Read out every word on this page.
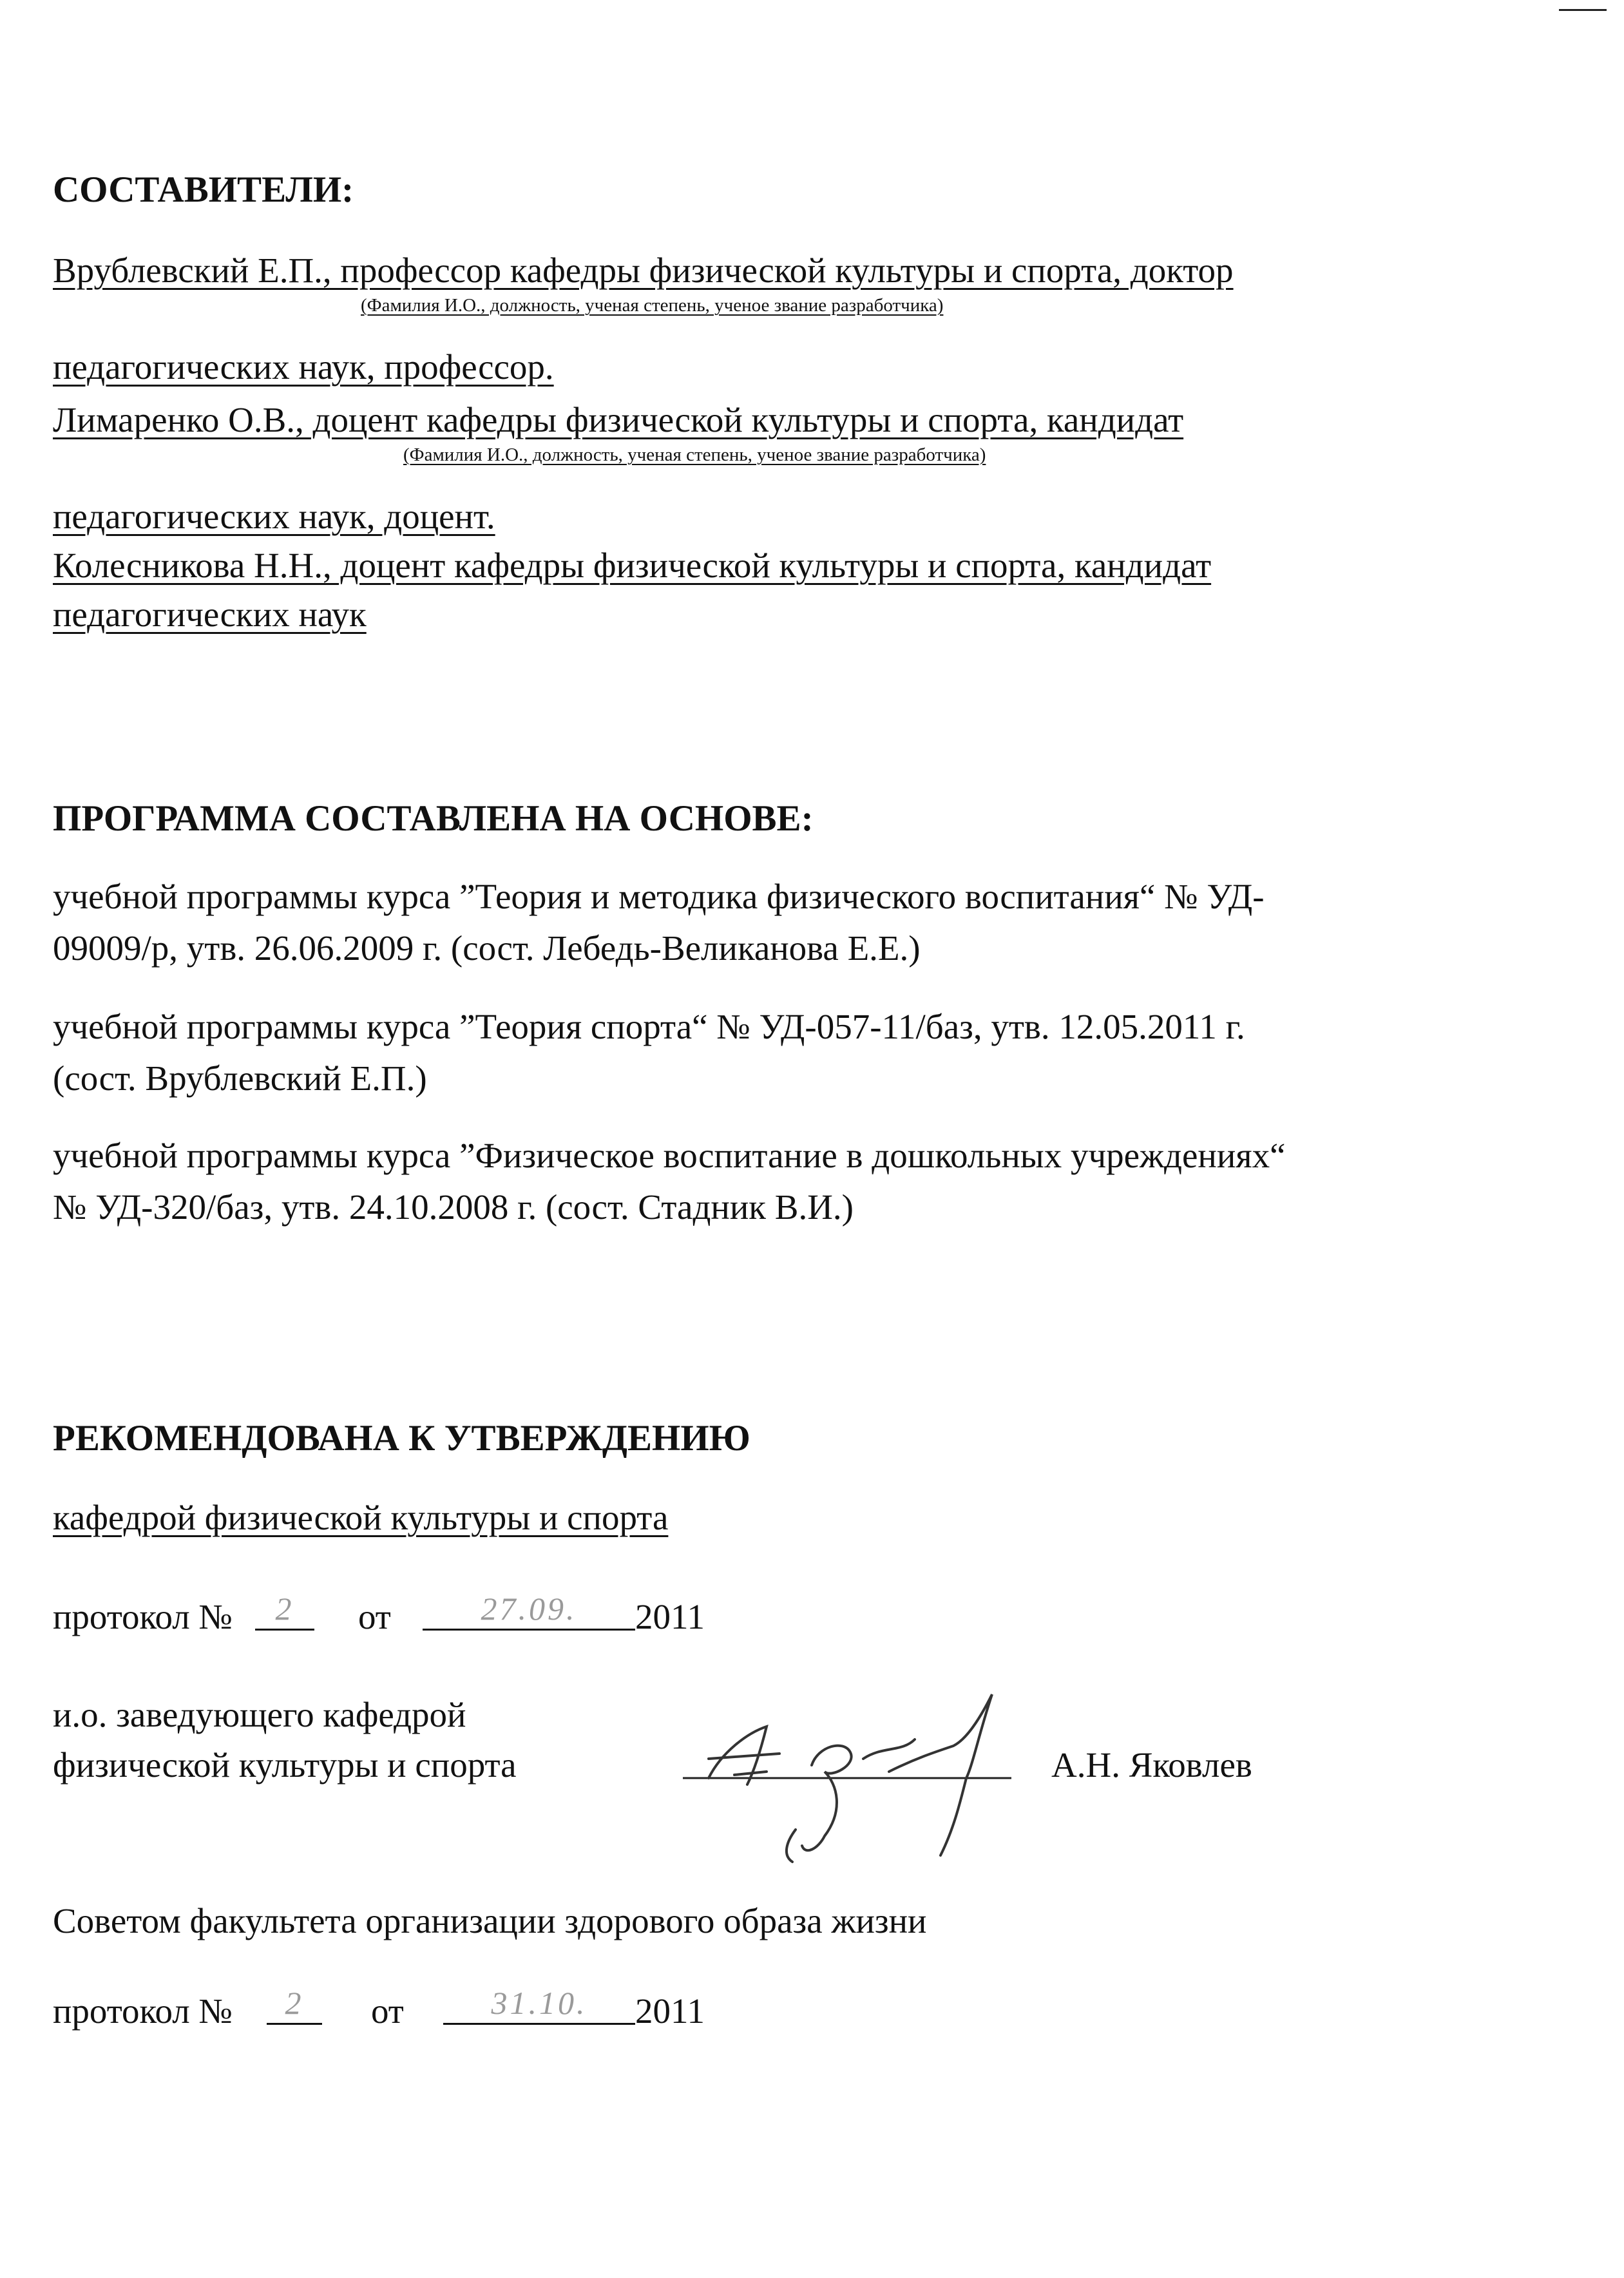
СОСТАВИТЕЛИ:
Врублевский Е.П., профессор кафедры физической культуры и спорта, доктор
(Фамилия И.О., должность, ученая степень, ученое звание разработчика)
педагогических наук, профессор.
Лимаренко О.В., доцент кафедры физической культуры и спорта, кандидат
(Фамилия И.О., должность, ученая степень, ученое звание разработчика)
педагогических наук, доцент.
Колесникова Н.Н., доцент кафедры физической культуры и спорта, кандидат
педагогических наук
ПРОГРАММА СОСТАВЛЕНА НА ОСНОВЕ:
учебной программы курса ”Теория и методика физического воспитания“ № УД-
09009/р, утв. 26.06.2009 г. (сост. Лебедь-Великанова Е.Е.)
учебной программы курса ”Теория спорта“ № УД-057-11/баз, утв. 12.05.2011 г.
(сост. Врублевский Е.П.)
учебной программы курса ”Физическое воспитание в дошкольных учреждениях“
№ УД-320/баз, утв. 24.10.2008 г. (сост. Стадник В.И.)
РЕКОМЕНДОВАНА К УТВЕРЖДЕНИЮ
кафедрой физической культуры и спорта
протокол №	2	от	27.09.	2011
и.о. заведующего кафедрой
физической культуры и спорта	А.Н. Яковлев
Советом факультета организации здорового образа жизни
протокол №	2	от	31.10.	2011
